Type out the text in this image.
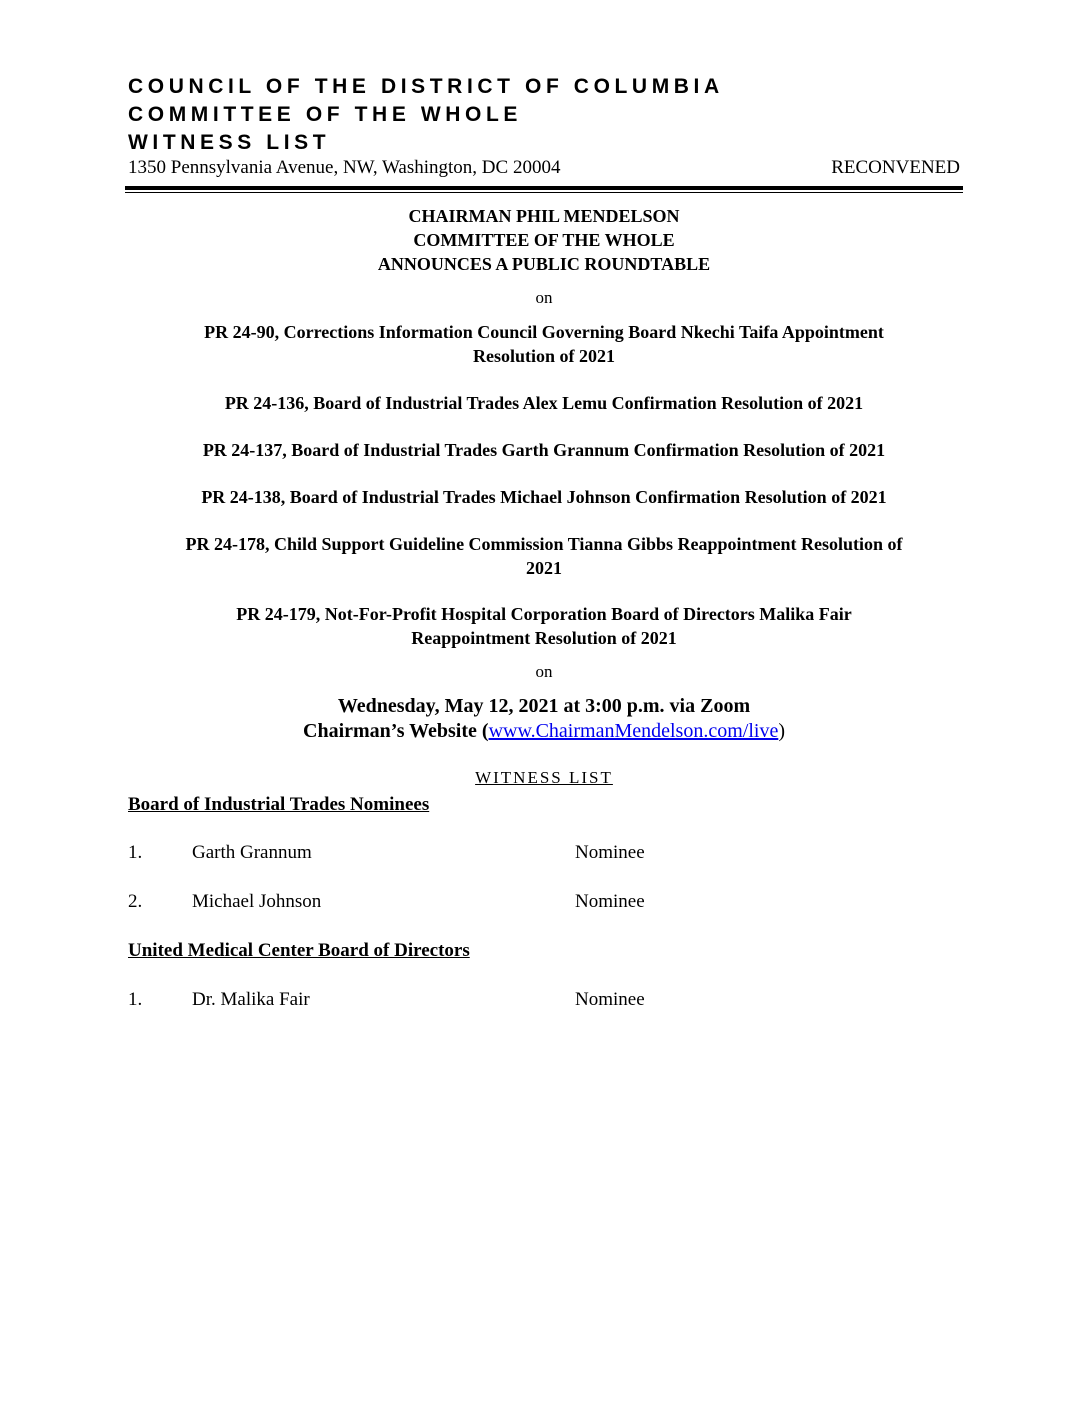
COUNCIL OF THE DISTRICT OF COLUMBIA
COMMITTEE OF THE WHOLE
WITNESS LIST
1350 Pennsylvania Avenue, NW, Washington, DC 20004	RECONVENED
CHAIRMAN PHIL MENDELSON
COMMITTEE OF THE WHOLE
ANNOUNCES A PUBLIC ROUNDTABLE
on
PR 24-90, Corrections Information Council Governing Board Nkechi Taifa Appointment
Resolution of 2021
PR 24-136, Board of Industrial Trades Alex Lemu Confirmation Resolution of 2021
PR 24-137, Board of Industrial Trades Garth Grannum Confirmation Resolution of 2021
PR 24-138, Board of Industrial Trades Michael Johnson Confirmation Resolution of 2021
PR 24-178, Child Support Guideline Commission Tianna Gibbs Reappointment Resolution of
2021
PR 24-179, Not-For-Profit Hospital Corporation Board of Directors Malika Fair
Reappointment Resolution of 2021
on
Wednesday, May 12, 2021 at 3:00 p.m. via Zoom
Chairman’s Website (www.ChairmanMendelson.com/live)
WITNESS LIST
Board of Industrial Trades Nominees
1.	Garth Grannum	Nominee
2.	Michael Johnson	Nominee
United Medical Center Board of Directors
1.	Dr. Malika Fair	Nominee
